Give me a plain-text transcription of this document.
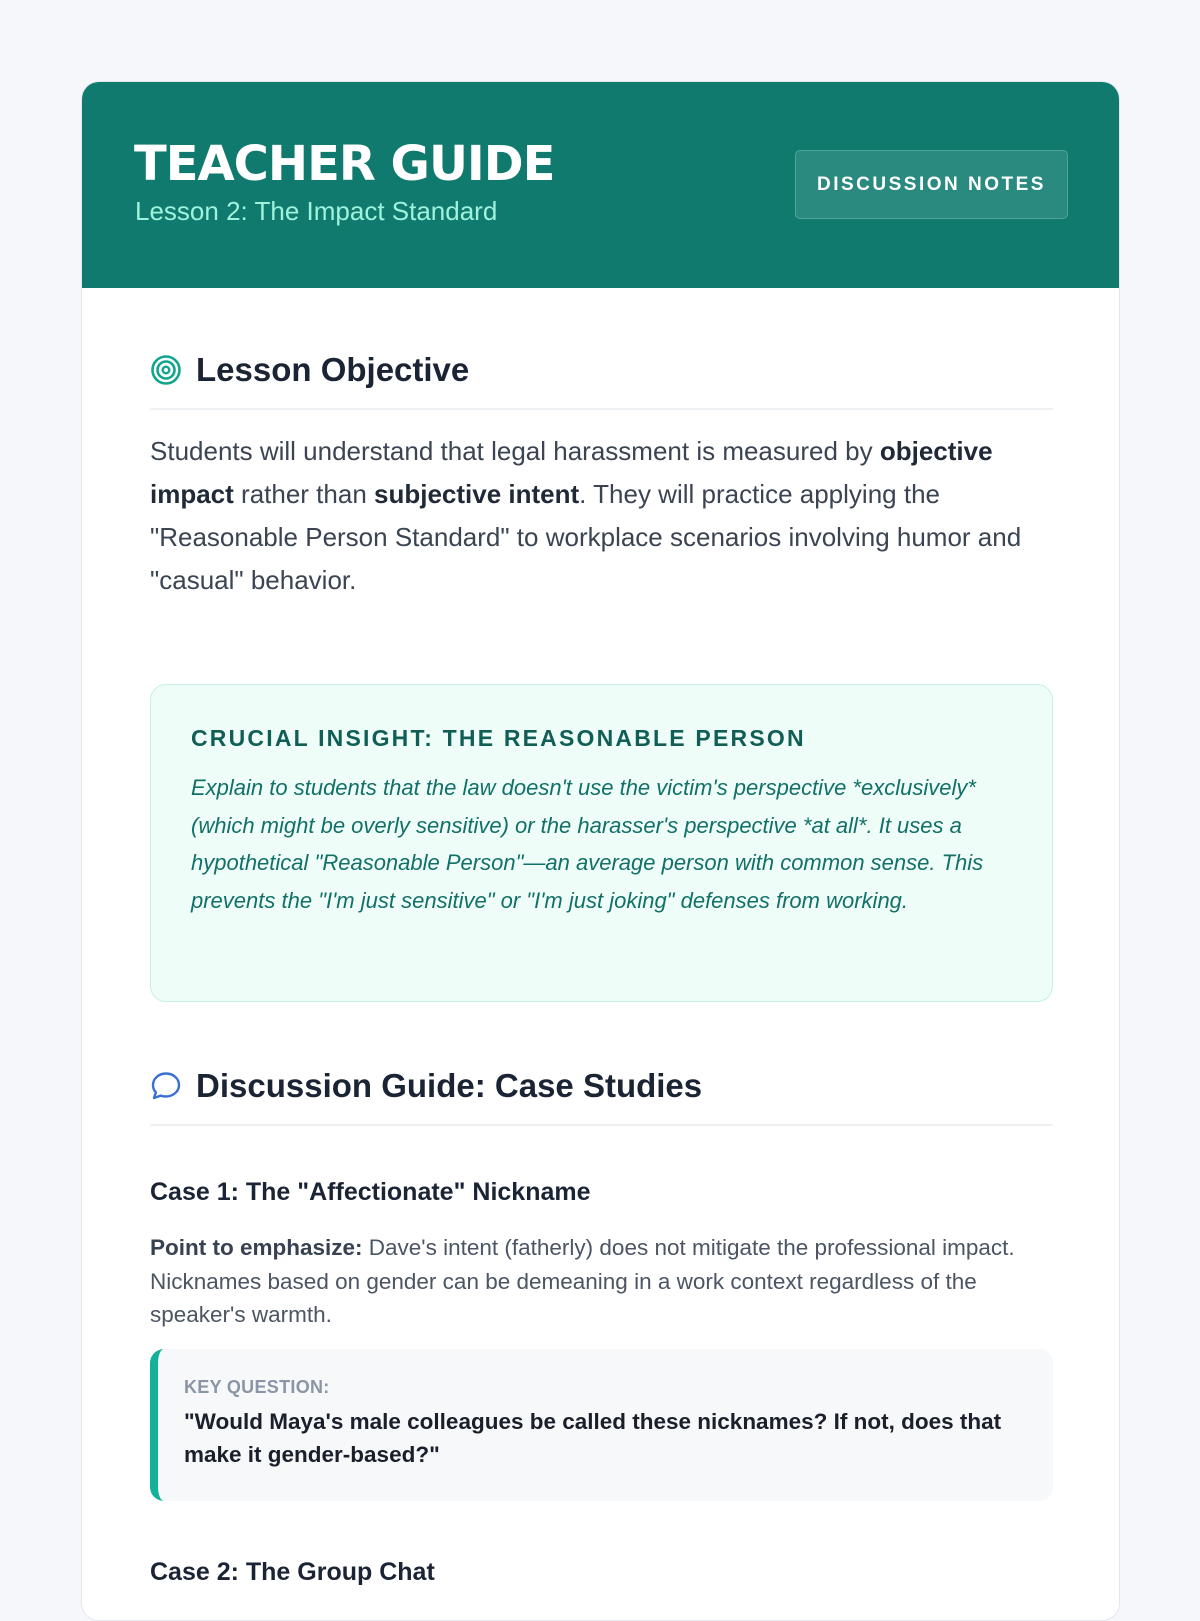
TEACHER GUIDE
Lesson 2: The Impact Standard
DISCUSSION NOTES
Lesson Objective

Students will understand that legal harassment is measured by objective impact rather than subjective intent. They will practice applying the "Reasonable Person Standard" to workplace scenarios involving humor and "casual" behavior.

CRUCIAL INSIGHT: THE REASONABLE PERSON
Explain to students that the law doesn't use the victim's perspective *exclusively* (which might be overly sensitive) or the harasser's perspective *at all*. It uses a hypothetical "Reasonable Person"—an average person with common sense. This prevents the "I'm just sensitive" or "I'm just joking" defenses from working.
Discussion Guide: Case Studies
Case 1: The "Affectionate" Nickname

Point to emphasize: Dave's intent (fatherly) does not mitigate the professional impact. Nicknames based on gender can be demeaning in a work context regardless of the speaker's warmth.

KEY QUESTION:
"Would Maya's male colleagues be called these nicknames? If not, does that make it gender-based?"
Case 2: The Group Chat
